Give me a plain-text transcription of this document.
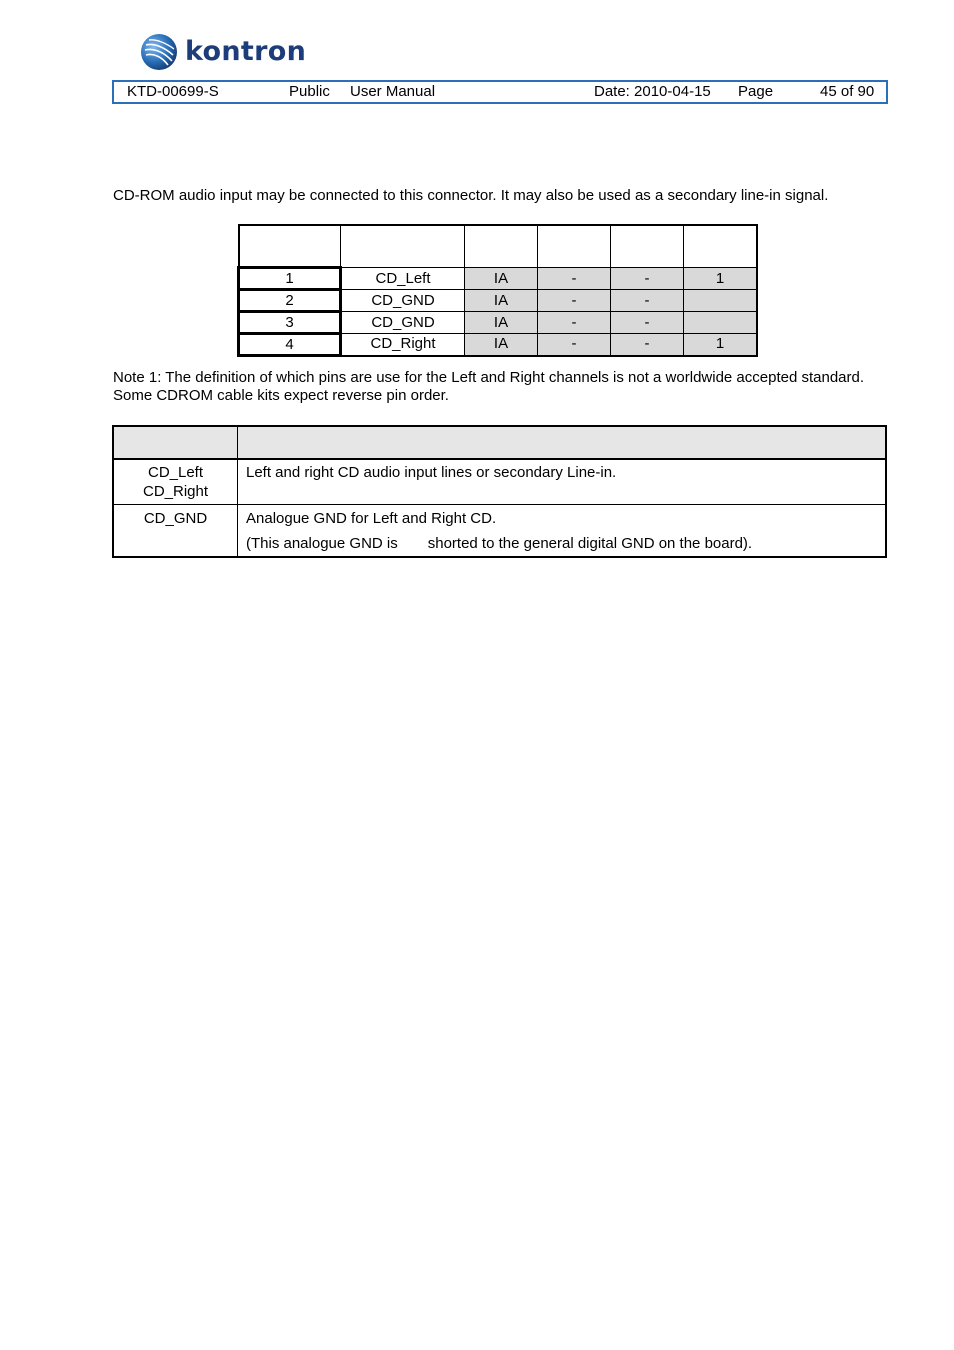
kontron
KTD-00699-S	Public User Manual	Date: 2010-04-15 Page	45 of 90
CD-ROM audio input may be connected to this connector. It may also be used as a secondary line-in signal.

1	CD_Left	IA	-	-	1
2	CD_GND	IA	-	-	
3	CD_GND	IA	-	-	
4	CD_Right	IA	-	-	1
Note 1: The definition of which pins are use for the Left and Right channels is not a worldwide accepted standard. Some CDROM cable kits expect reverse pin order.

CD_Left
CD_Right	Left and right CD audio input lines or secondary Line-in.

CD_GND	Analogue GND for Left and Right CD.
(This analogue GND is shorted to the general digital GND on the board).
